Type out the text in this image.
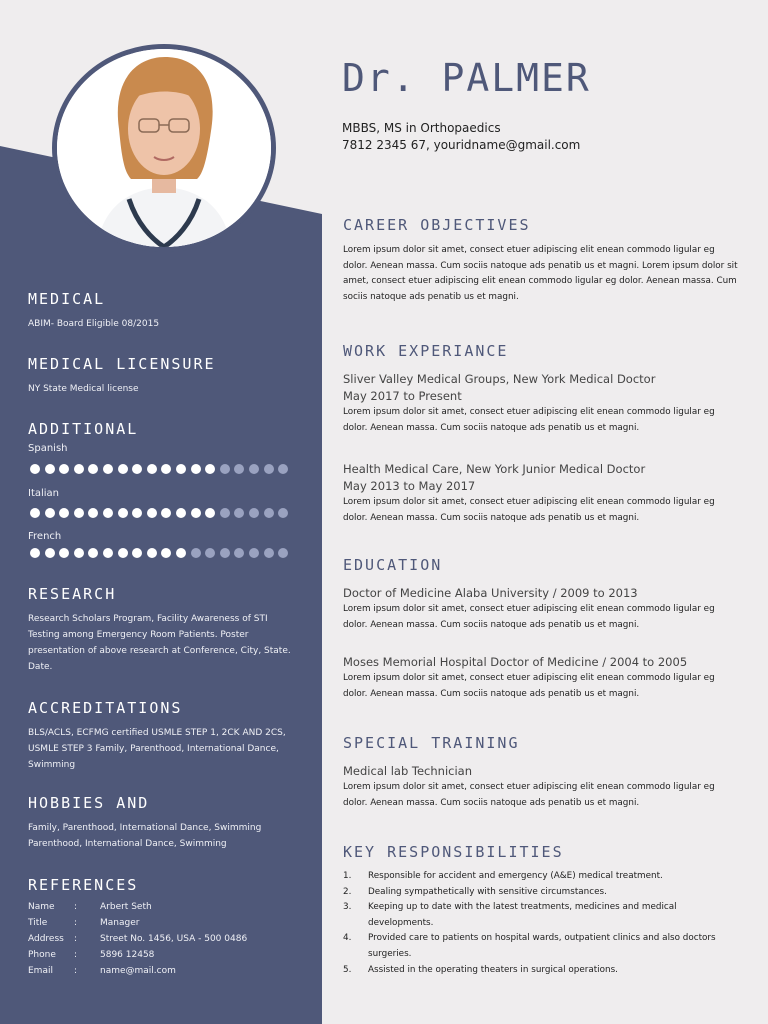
Dr. PALMER
MBBS, MS in Orthopaedics
7812 2345 67, youridname@gmail.com
MEDICAL
ABIM- Board Eligible 08/2015
MEDICAL LICENSURE
NY State Medical license
ADDITIONAL
Spanish
Italian
French
RESEARCH
Research Scholars Program, Facility Awareness of STI Testing among Emergency Room Patients. Poster presentation of above research at Conference, City, State. Date.
ACCREDITATIONS
BLS/ACLS, ECFMG certified USMLE STEP 1, 2CK AND 2CS, USMLE STEP 3 Family, Parenthood, International Dance, Swimming
HOBBIES AND
Family, Parenthood, International Dance, Swimming Parenthood, International Dance, Swimming
REFERENCES
Name :	Arbert Seth
Title	:	Manager
Address :	Street No. 1456, USA - 500 0486
Phone :	5896 12458
Email :	name@mail.com
CAREER OBJECTIVES
Lorem ipsum dolor sit amet, consect etuer adipiscing elit enean commodo ligular eg dolor. Aenean massa. Cum sociis natoque ads penatib us et magni. Lorem ipsum dolor sit amet, consect etuer adipiscing elit enean commodo ligular eg dolor. Aenean massa. Cum sociis natoque ads penatib us et magni.
WORK EXPERIANCE
Sliver Valley Medical Groups, New York Medical Doctor
May 2017 to Present
Lorem ipsum dolor sit amet, consect etuer adipiscing elit enean commodo ligular eg dolor. Aenean massa. Cum sociis natoque ads penatib us et magni.
Health Medical Care, New York Junior Medical Doctor
May 2013 to May 2017
Lorem ipsum dolor sit amet, consect etuer adipiscing elit enean commodo ligular eg dolor. Aenean massa. Cum sociis natoque ads penatib us et magni.
EDUCATION
Doctor of Medicine Alaba University / 2009 to 2013
Lorem ipsum dolor sit amet, consect etuer adipiscing elit enean commodo ligular eg dolor. Aenean massa. Cum sociis natoque ads penatib us et magni.
Moses Memorial Hospital Doctor of Medicine / 2004 to 2005
Lorem ipsum dolor sit amet, consect etuer adipiscing elit enean commodo ligular eg dolor. Aenean massa. Cum sociis natoque ads penatib us et magni.
SPECIAL TRAINING
Medical lab Technician
Lorem ipsum dolor sit amet, consect etuer adipiscing elit enean commodo ligular eg dolor. Aenean massa. Cum sociis natoque ads penatib us et magni.
KEY RESPONSIBILITIES
1. Responsible for accident and emergency (A&E) medical treatment.
2. Dealing sympathetically with sensitive circumstances.
3. Keeping up to date with the latest treatments, medicines and medical developments.
4. Provided care to patients on hospital wards, outpatient clinics and also doctors surgeries.
5. Assisted in the operating theaters in surgical operations.
